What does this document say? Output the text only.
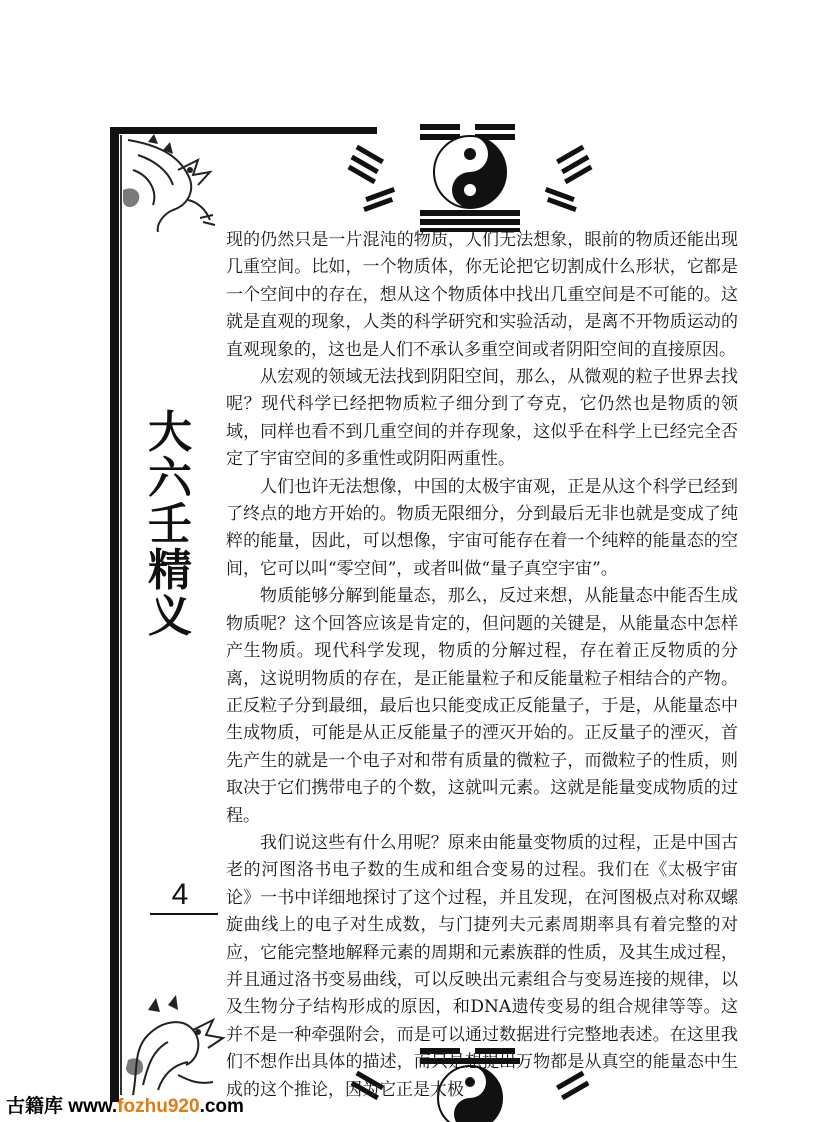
大
六
壬
精
义
4

现的仍然只是一片混沌的物质，人们无法想象，眼前的物质还能出现几重空间。比如，一个物质体，你无论把它切割成什么形状，它都是一个空间中的存在，想从这个物质体中找出几重空间是不可能的。这就是直观的现象，人类的科学研究和实验活动，是离不开物质运动的直观现象的，这也是人们不承认多重空间或者阴阳空间的直接原因。

从宏观的领域无法找到阴阳空间，那么，从微观的粒子世界去找呢？现代科学已经把物质粒子细分到了夸克，它仍然也是物质的领域，同样也看不到几重空间的并存现象，这似乎在科学上已经完全否定了宇宙空间的多重性或阴阳两重性。

人们也许无法想像，中国的太极宇宙观，正是从这个科学已经到了终点的地方开始的。物质无限细分，分到最后无非也就是变成了纯粹的能量，因此，可以想像，宇宙可能存在着一个纯粹的能量态的空间，它可以叫“零空间”，或者叫做“量子真空宇宙”。

物质能够分解到能量态，那么，反过来想，从能量态中能否生成物质呢？这个回答应该是肯定的，但问题的关键是，从能量态中怎样产生物质。现代科学发现，物质的分解过程，存在着正反物质的分离，这说明物质的存在，是正能量粒子和反能量粒子相结合的产物。正反粒子分到最细，最后也只能变成正反能量子，于是，从能量态中生成物质，可能是从正反能量子的湮灭开始的。正反量子的湮灭，首先产生的就是一个电子对和带有质量的微粒子，而微粒子的性质，则取决于它们携带电子的个数，这就叫元素。这就是能量变成物质的过程。

我们说这些有什么用呢？原来由能量变物质的过程，正是中国古老的河图洛书电子数的生成和组合变易的过程。我们在《太极宇宙论》一书中详细地探讨了这个过程，并且发现，在河图极点对称双螺旋曲线上的电子对生成数，与门捷列夫元素周期率具有着完整的对应，它能完整地解释元素的周期和元素族群的性质，及其生成过程，并且通过洛书变易曲线，可以反映出元素组合与变易连接的规律，以及生物分子结构形成的原因，和DNA遗传变易的组合规律等等。这并不是一种牵强附会，而是可以通过数据进行完整地表述。在这里我们不想作出具体的描述，而只是想提出万物都是从真空的能量态中生成的这个推论，因为它正是太极

古籍库 www.fozhu920.com
